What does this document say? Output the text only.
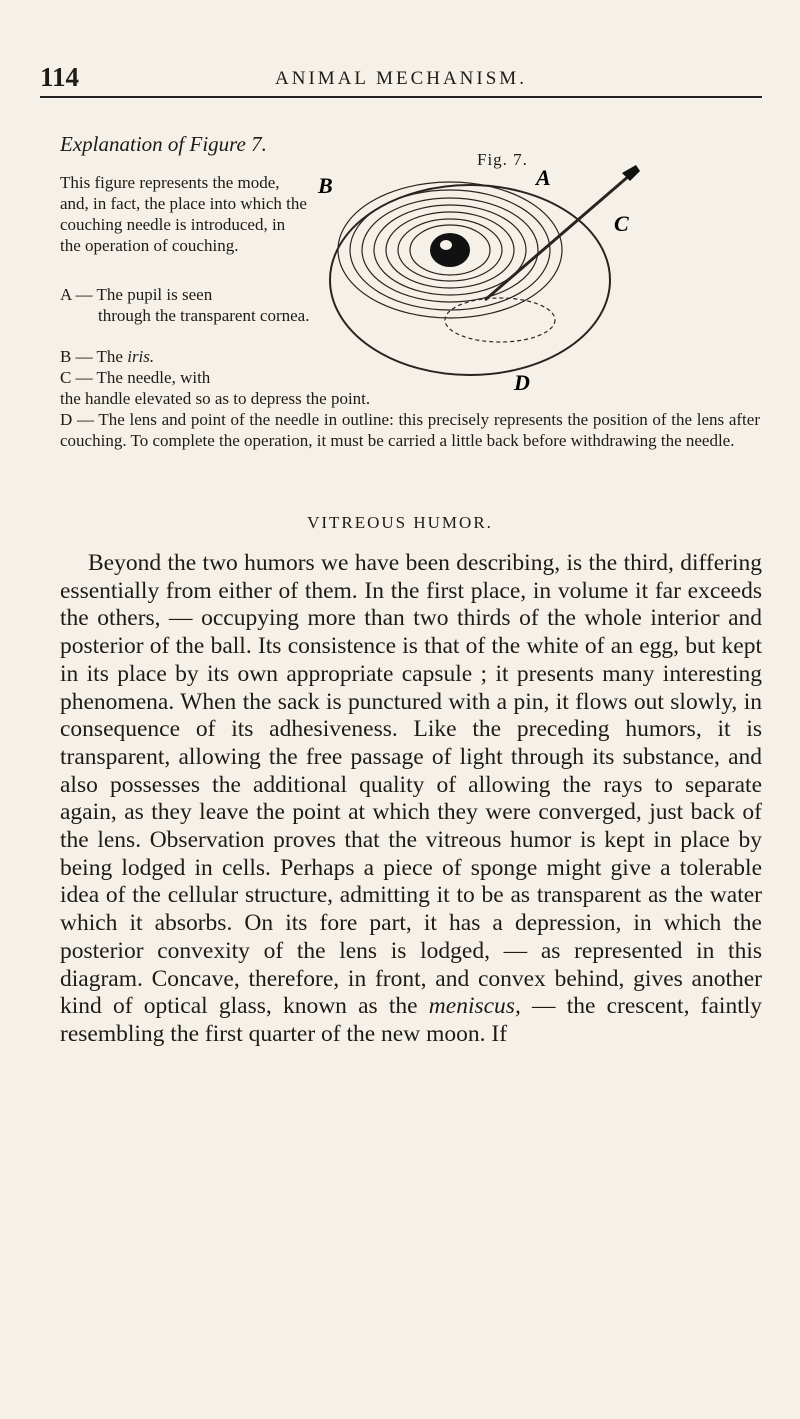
114	ANIMAL MECHANISM.
Explanation of Figure 7.
This figure represents the mode, and, in fact, the place into which the couching needle is introduced, in the operation of couching.
A — The pupil is seen
through the transparent cornea.
B — The iris.
C — The needle, with
the handle elevated so as to depress the point.
D — The lens and point of the needle in outline: this precisely represents the position of the lens after couching. To complete the operation, it must be carried a little back before withdrawing the needle.
Fig. 7.
B	A
C
D
VITREOUS HUMOR.

Beyond the two humors we have been describing, is the third, differing essentially from either of them. In the first place, in volume it far exceeds the others, — occupying more than two thirds of the whole interior and posterior of the ball. Its consistence is that of the white of an egg, but kept in its place by its own appropriate capsule ; it presents many interesting phenomena. When the sack is punctured with a pin, it flows out slowly, in consequence of its adhesiveness. Like the preceding humors, it is transparent, allowing the free passage of light through its substance, and also possesses the additional quality of allowing the rays to separate again, as they leave the point at which they were converged, just back of the lens. Observation proves that the vitreous humor is kept in place by being lodged in cells. Perhaps a piece of sponge might give a tolerable idea of the cellular structure, admitting it to be as transparent as the water which it absorbs. On its fore part, it has a depression, in which the posterior convexity of the lens is lodged, — as represented in this diagram. Concave, therefore, in front, and convex behind, gives another kind of optical glass, known as the meniscus, — the crescent, faintly resembling the first quarter of the new moon. If
